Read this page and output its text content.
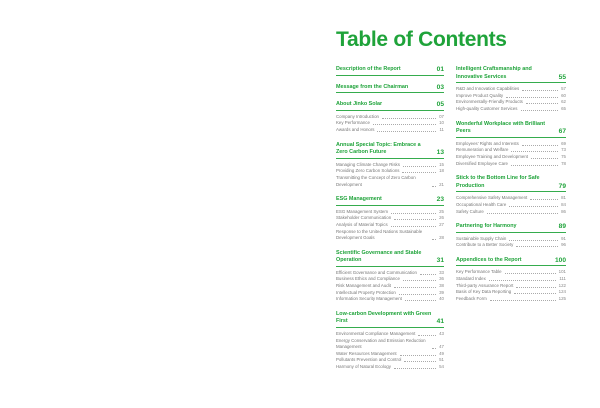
Table of Contents
Description of the Report	01
Message from the Chairman	03
About Jinko Solar	05
Company Introduction	07
Key Performance	10
Awards and Honors	11
Annual Special Topic: Embrace a Zero Carbon Future	13
Managing Climate Change Risks	15
Providing Zero Carbon Solutions	18
Transmitting the Concept of Zero Carbon Development	21
ESG Management	23
ESG Management System	25
Stakeholder Communication	26
Analysis of Material Topics	27
Response to the United Nations Sustainable Development Goals	28
Scientific Governance and Stable Operation	31
Efficient Governance and Communication	33
Business Ethics and Compliance	36
Risk Management and Audit	38
Intellectual Property Protection	39
Information Security Management	40
Low-carbon Development with Green First	41
Environmental Compliance Management	43
Energy Conservation and Emission Reduction Management	47
Water Resources Management	49
Pollutants Prevention and Control	51
Harmony of Natural Ecology	54
Intelligent Craftsmanship and Innovative Services	55
R&D and Innovation Capabilities	57
Improve Product Quality	60
Environmentally-Friendly Products	62
High-quality Customer Services	65
Wonderful Workplace with Brilliant Peers	67
Employees' Rights and Interests	69
Remuneration and Welfare	73
Employee Training and Development	75
Diversified Employee Care	78
Stick to the Bottom Line for Safe Production	79
Comprehensive Safety Management	81
Occupational Health Care	84
Safety Culture	86
Partnering for Harmony	89
Sustainable Supply Chain	91
Contribute to a Better Society	96
Appendices to the Report	100
Key Performance Table	101
Standard Index	111
Third-party Assurance Report	122
Basis of Key Data Reporting	124
Feedback Form	125
